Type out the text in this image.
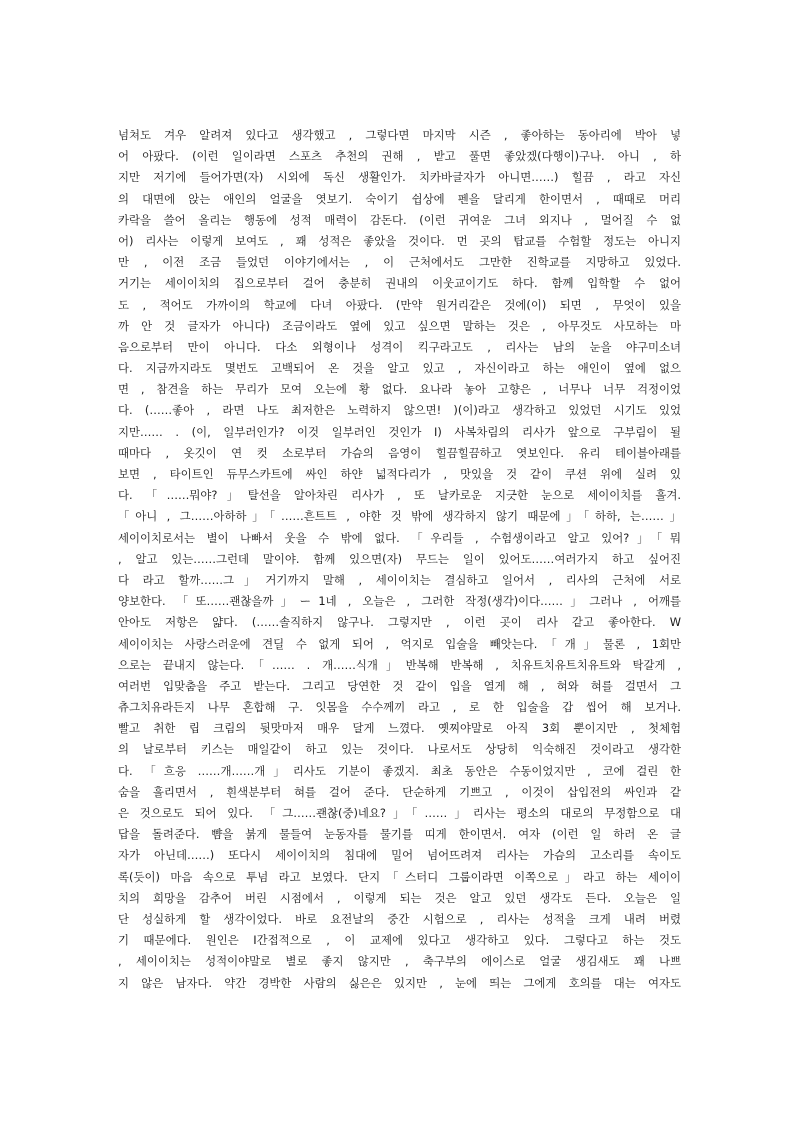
넘쳐도 겨우 알려져 있다고 생각했고 , 그렇다면 마지막 시즌 , 좋아하는 동아리에 박아 넣
어 아팠다. (이런 일이라면 스포츠 추천의 권해 , 받고 풀면 좋았겠(다행이)구나. 아니 , 하
지만 저기에 들어가면(자) 시외에 독신 생활인가. 치카바글자가 아니면……) 힐끔 , 라고 자신
의 대면에 앉는 애인의 얼굴을 엿보기. 숙이기 쉽상에 펜을 달리게 한이면서 , 때때로 머리
카락을 쓸어 올리는 행동에 성적 매력이 감돈다. (이런 귀여운 그녀 외지나 , 멀어질 수 없
어) 리사는 이렇게 보여도 , 꽤 성적은 좋았을 것이다. 먼 곳의 탑교를 수험할 정도는 아니지
만 , 이전 조금 들었던 이야기에서는 , 이 근처에서도 그만한 진학교를 지망하고 있었다.
거기는 세이이치의 집으로부터 걸어 충분히 권내의 이웃교이기도 하다. 함께 입학할 수 없어
도 , 적어도 가까이의 학교에 다녀 아팠다. (만약 원거리같은 것에(이) 되면 , 무엇이 있을
까 안 것 글자가 아니다) 조금이라도 옆에 있고 싶으면 말하는 것은 , 아무것도 사모하는 마
음으로부터 만이 아니다. 다소 외형이나 성격이 킥구라고도 , 리사는 남의 눈을 야구미소녀
다. 지금까지라도 몇번도 고백되어 온 것을 알고 있고 , 자신이라고 하는 애인이 옆에 없으
면 , 참견을 하는 무리가 모여 오는에 황 없다. 요나라 놓아 고향은 , 너무나 너무 걱정이었
다. (……좋아 , 라면 나도 최저한은 노력하지 않으면! )(이)라고 생각하고 있었던 시기도 있었
지만…… . (이, 일부러인가? 이것 일부러인 것인가 I) 사복차림의 리사가 앞으로 구부림이 될
때마다 , 옷깃이 연 컷 소로부터 가슴의 음영이 힐끔힐끔하고 엿보인다. 유리 테이블아래를
보면 , 타이트인 듀무스카트에 싸인 하얀 넓적다리가 , 맛있을 것 같이 쿠션 위에 실려 있
다. 「……뭐야?」탈선을 알아차린 리사가 , 또 날카로운 지긋한 눈으로 세이이치를 흘겨.
「아니 , 그……아하하」「……흔트트 , 야한 것 밖에 생각하지 않기 때문에」「하하, 는……」
세이이치로서는 별이 나빠서 웃을 수 밖에 없다. 「우리들 , 수험생이라고 알고 있어?」「뭐
, 알고 있는……그런데 말이야. 함께 있으면(자) 무드는 일이 있어도……여러가지 하고 싶어진
다 라고 할까……그」거기까지 말해 , 세이이치는 결심하고 일어서 , 리사의 근처에 서로
양보한다. 「또……괜찮을까」ー1네 , 오늘은 , 그러한 작정(생각)이다……」그러나 , 어깨를
안아도 저항은 얇다. (……솔직하지 않구나. 그렇지만 , 이런 곳이 리사 같고 좋아한다. W
세이이치는 사랑스러운에 견딜 수 없게 되어 , 억지로 입술을 빼앗는다.「개」물론 , 1회만
으로는 끝내지 않는다.「…… . 개……식개」반복해 반복해 , 치유트치유트치유트와 탁갈게 ,
여러번 입맞춤을 주고 받는다. 그리고 당연한 것 같이 입을 열게 해 , 혀와 혀를 걸면서 그
츄그치유라든지 나무 혼합해 구. 잇몸을 수수께끼 라고 , 로 한 입술을 갑 씹어 해 보거나.
빨고 취한 립 크림의 뒷맛마저 매우 달게 느꼈다. 옛찌야말로 아직 3회 뿐이지만 , 첫체험
의 날로부터 키스는 매일같이 하고 있는 것이다. 나로서도 상당히 익숙해진 것이라고 생각한
다. 「흐응 ……개……개」리사도 기분이 좋겠지. 최초 동안은 수동이었지만 , 코에 걸린 한
숨을 흘리면서 , 흰색분부터 혀를 걸어 준다. 단순하게 기쁘고 , 이것이 삽입전의 싸인과 같
은 것으로도 되어 있다. 「그……괜찮(중)네요?」「……」리사는 평소의 대로의 무정함으로 대
답을 돌려준다. 뺨을 붉게 물들여 눈동자를 물기를 띠게 한이면서. 여자 (이런 일 하러 온 글
자가 아닌데……) 또다시 세이이치의 침대에 밀어 넘어뜨려져 리사는 가슴의 고소리를 속이도
록(듯이) 마음 속으로 투넘 라고 보였다. 단지「스터디 그룹이라면 이쪽으로」라고 하는 세이이
치의 희망을 감추어 버린 시점에서 , 이렇게 되는 것은 알고 있던 생각도 든다. 오늘은 일
단 성실하게 할 생각이었다. 바로 요전날의 중간 시험으로 , 리사는 성적을 크게 내려 버렸
기 때문에다. 원인은 I간접적으로 , 이 교제에 있다고 생각하고 있다. 그렇다고 하는 것도
, 세이이치는 성적이야말로 별로 좋지 않지만 , 축구부의 에이스로 얼굴 생김새도 꽤 나쁘
지 않은 남자다. 약간 경박한 사람의 싫은은 있지만 , 눈에 띄는 그에게 호의를 대는 여자도
